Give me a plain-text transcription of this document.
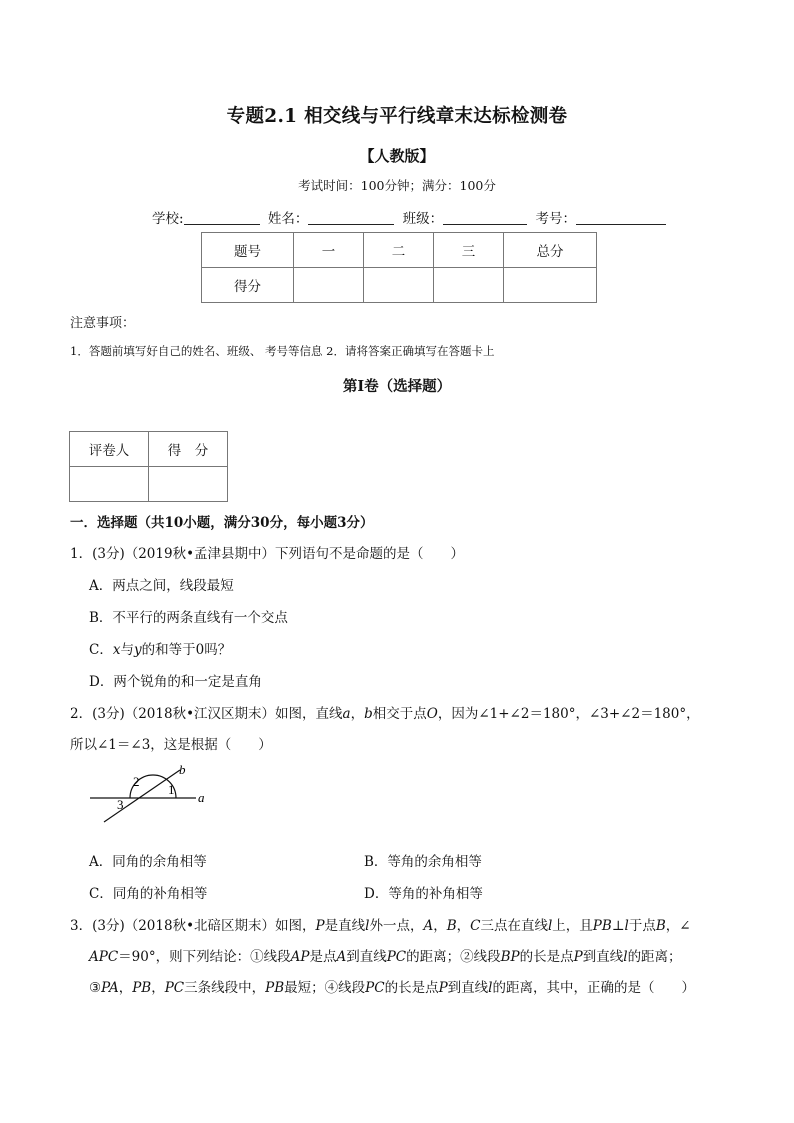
专题2.1 相交线与平行线章末达标检测卷
【人教版】
考试时间：100分钟；满分：100分
学校:	姓名：	班级：	考号：
题号	一	二	三	总分
得分				
注意事项：
1．答题前填写好自己的姓名、班级、 考号等信息 2．请将答案正确填写在答题卡上
第Ⅰ卷（选择题）
评卷人	得　分

一．选择题（共10小题，满分30分，每小题3分）
1．(3分)（2019秋•孟津县期中）下列语句不是命题的是（　　）
A．两点之间，线段最短
B．不平行的两条直线有一个交点
C．x与y的和等于0吗？
D．两个锐角的和一定是直角
2．(3分)（2018秋•江汉区期末）如图，直线a，b相交于点O，因为∠1+∠2＝180°，∠3+∠2＝180°，
所以∠1＝∠3，这是根据（　　）
2
1
3	a
b
A．同角的余角相等	B．等角的余角相等
C．同角的补角相等	D．等角的补角相等
3．(3分)（2018秋•北碚区期末）如图，P是直线l外一点，A，B，C三点在直线l上，且PB⊥l于点B，∠
APC＝90°，则下列结论：①线段AP是点A到直线PC的距离；②线段BP的长是点P到直线l的距离；
③PA，PB，PC三条线段中，PB最短；④线段PC的长是点P到直线l的距离，其中，正确的是（　　）
